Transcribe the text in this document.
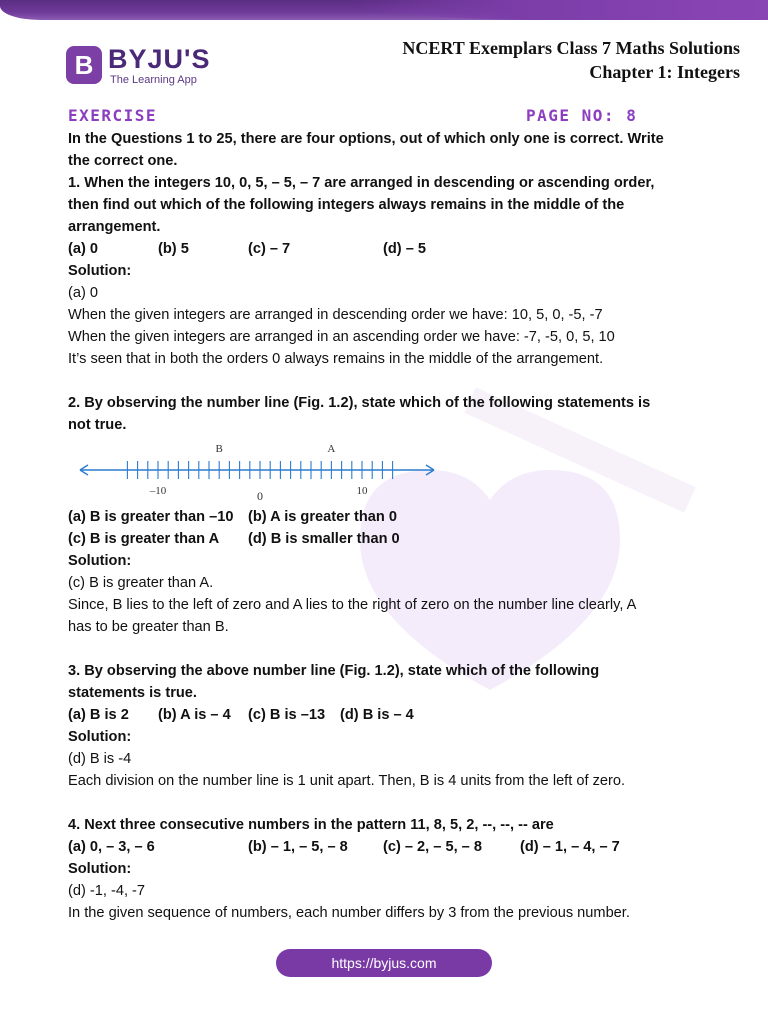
B BYJU'S
The Learning App
NCERT Exemplars Class 7 Maths Solutions
Chapter 1: Integers
EXERCISE	PAGE NO: 8
In the Questions 1 to 25, there are four options, out of which only one is correct. Write
the correct one.
1. When the integers 10, 0, 5, – 5, – 7 are arranged in descending or ascending order,
then find out which of the following integers always remains in the middle of the
arrangement.
(a) 0	(b) 5	(c) – 7	(d) – 5
Solution:
(a) 0
When the given integers are arranged in descending order we have: 10, 5, 0, -5, -7
When the given integers are arranged in an ascending order we have: -7, -5, 0, 5, 10
It’s seen that in both the orders 0 always remains in the middle of the arrangement.
2. By observing the number line (Fig. 1.2), state which of the following statements is
not true.
B	A
–10	0	10
(a) B is greater than –10 (b) A is greater than 0
(c) B is greater than A	(d) B is smaller than 0
Solution:
(c) B is greater than A.
Since, B lies to the left of zero and A lies to the right of zero on the number line clearly, A
has to be greater than B.
3. By observing the above number line (Fig. 1.2), state which of the following
statements is true.
(a) B is 2	(b) A is – 4	(c) B is –13	(d) B is – 4
Solution:
(d) B is -4
Each division on the number line is 1 unit apart. Then, B is 4 units from the left of zero.
4. Next three consecutive numbers in the pattern 11, 8, 5, 2, --, --, -- are
(a) 0, – 3, – 6	(b) – 1, – 5, – 8	(c) – 2, – 5, – 8	(d) – 1, – 4, – 7
Solution:
(d) -1, -4, -7
In the given sequence of numbers, each number differs by 3 from the previous number.
https://byjus.com
